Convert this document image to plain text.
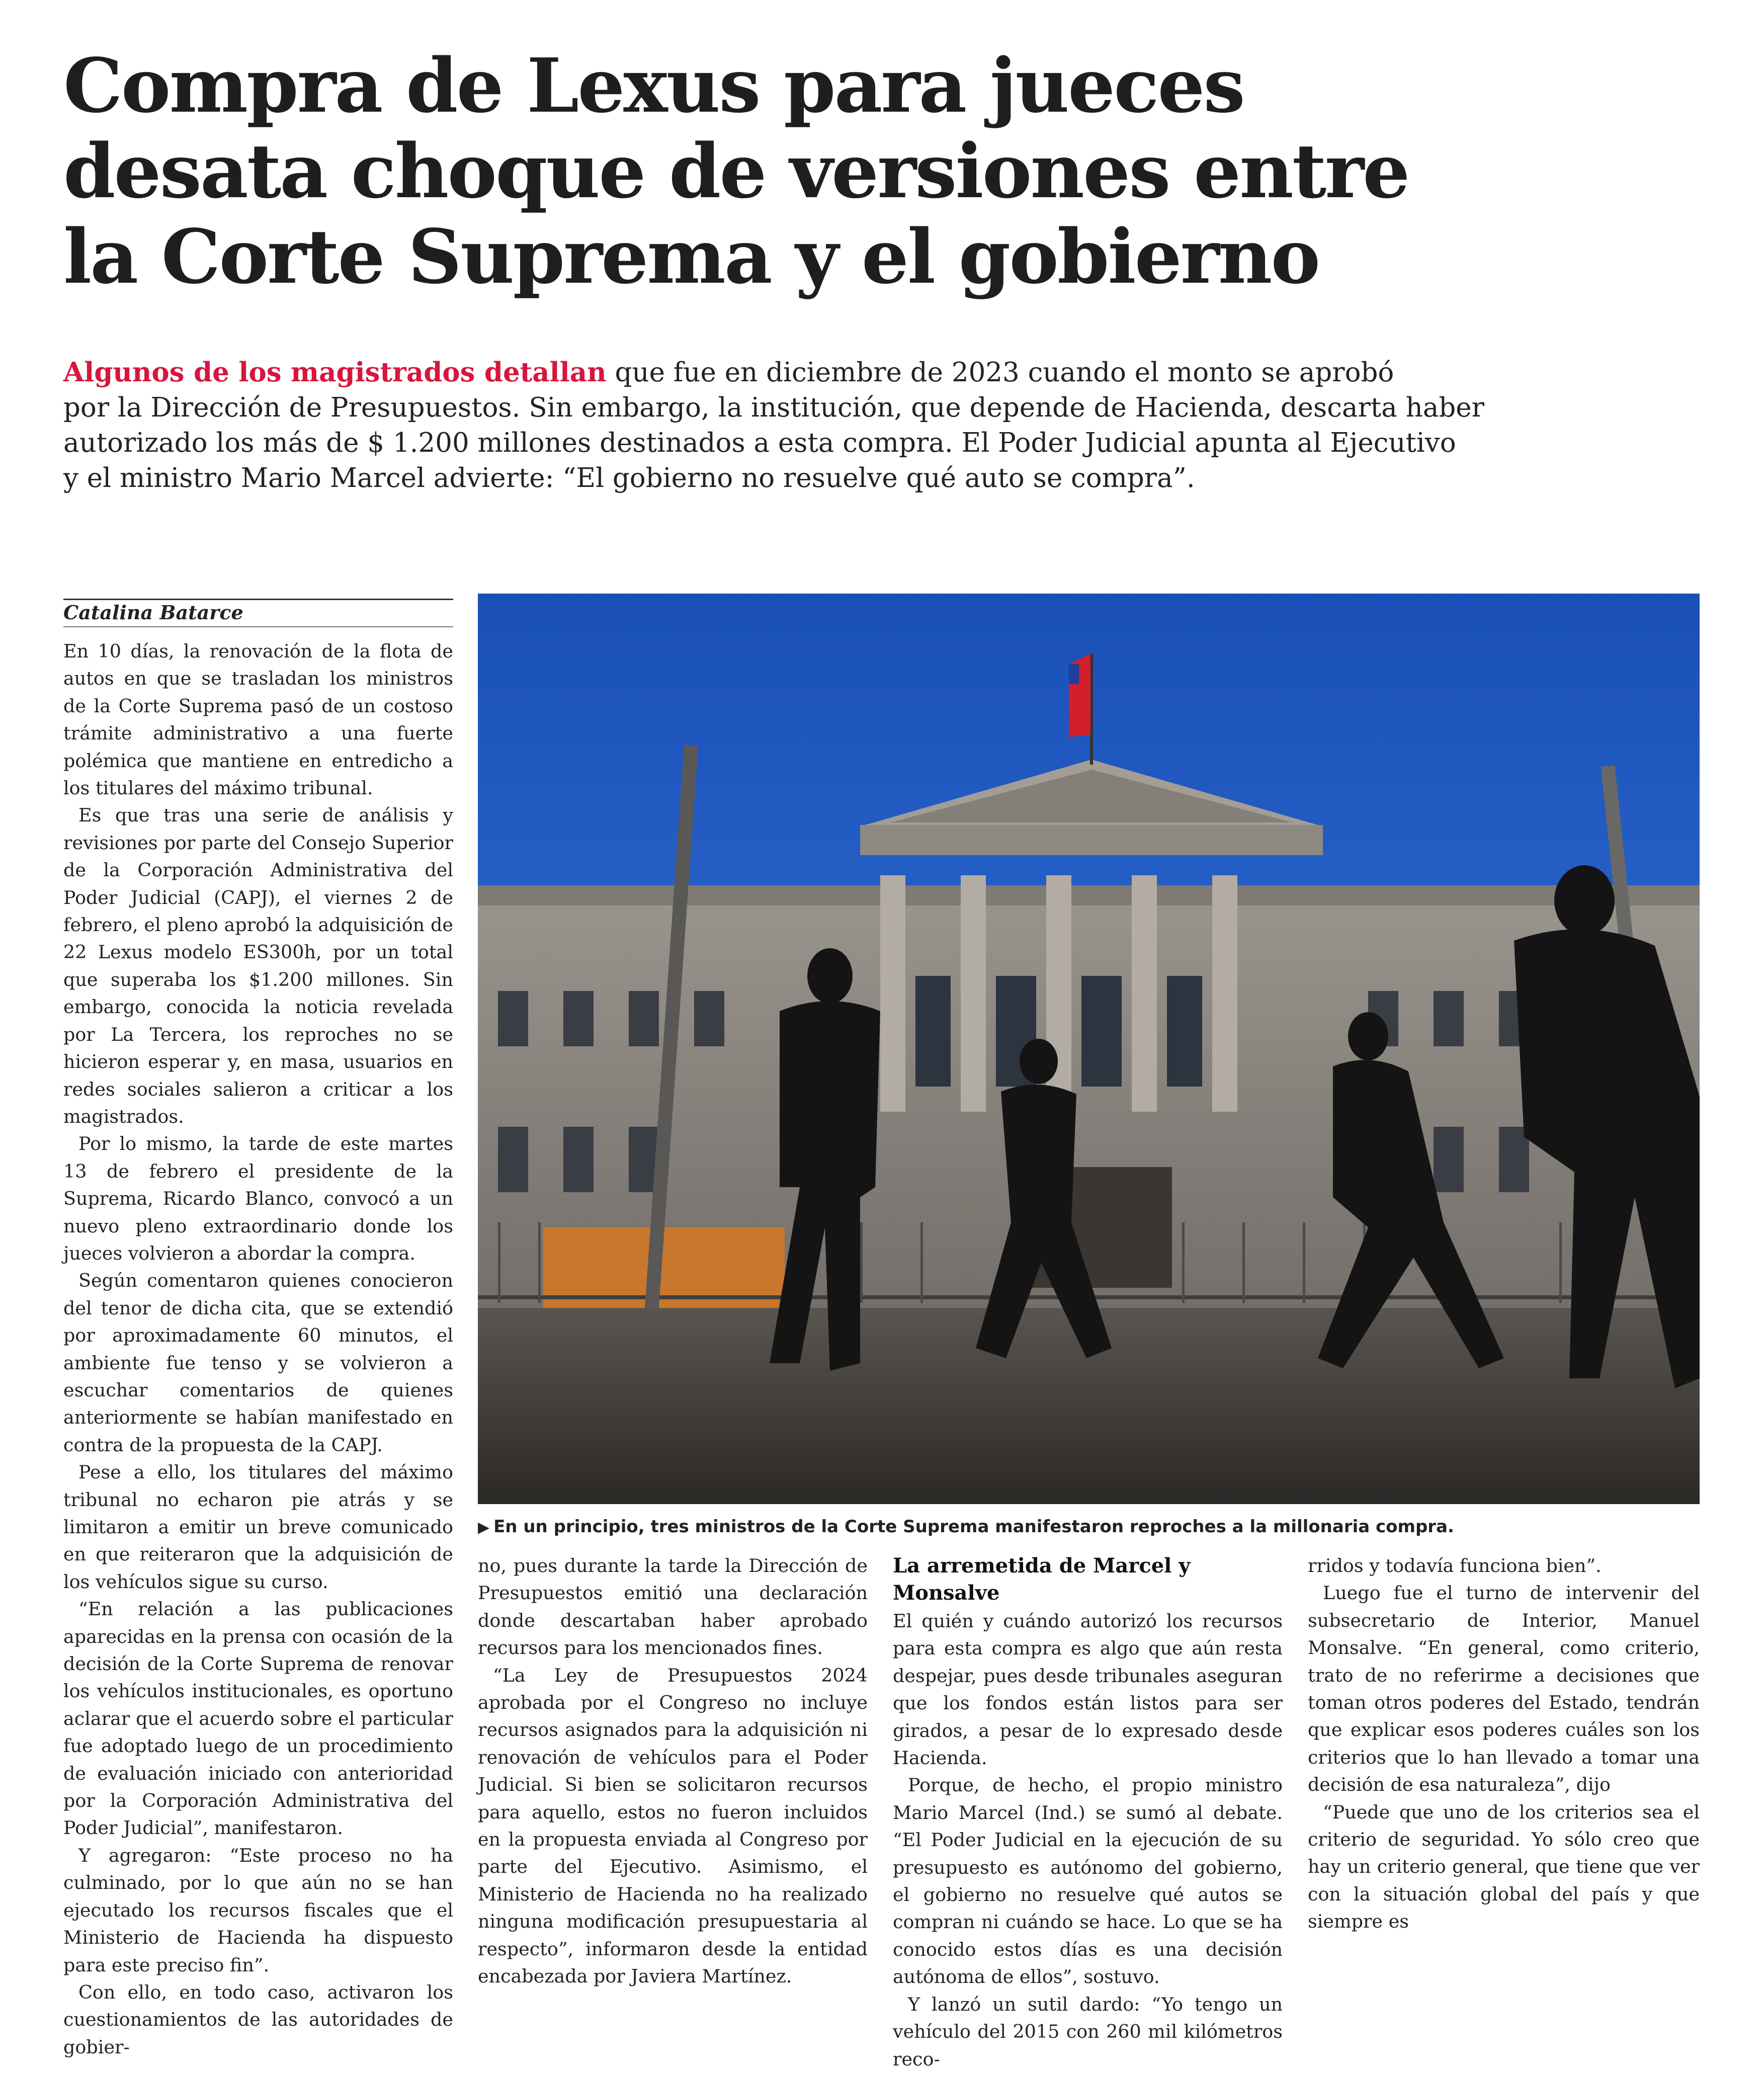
Compra de Lexus para jueces
desata choque de versiones entre
la Corte Suprema y el gobierno
Algunos de los magistrados detallan que fue en diciembre de 2023 cuando el monto se aprobó
por la Dirección de Presupuestos. Sin embargo, la institución, que depende de Hacienda, descarta haber
autorizado los más de $ 1.200 millones destinados a esta compra. El Poder Judicial apunta al Ejecutivo
y el ministro Mario Marcel advierte: “El gobierno no resuelve qué auto se compra”.
Catalina Batarce

En 10 días, la renovación de la flota de autos en que se trasladan los ministros de la Corte Suprema pasó de un costoso trámite administrativo a una fuerte polémica que mantiene en entredicho a los titulares del máximo tribunal.

Es que tras una serie de análisis y revisiones por parte del Consejo Superior de la Corporación Administrativa del Poder Judicial (CAPJ), el viernes 2 de febrero, el pleno aprobó la adquisición de 22 Lexus modelo ES300h, por un total que superaba los $1.200 millones. Sin embargo, conocida la noticia revelada por La Tercera, los reproches no se hicieron esperar y, en masa, usuarios en redes sociales salieron a criticar a los magistrados.

Por lo mismo, la tarde de este martes 13 de febrero el presidente de la Suprema, Ricardo Blanco, convocó a un nuevo pleno extraordinario donde los jueces volvieron a abordar la compra.

Según comentaron quienes conocieron del tenor de dicha cita, que se extendió por aproximadamente 60 minutos, el ambiente fue tenso y se volvieron a escuchar comentarios de quienes anteriormente se habían manifestado en contra de la propuesta de la CAPJ.

Pese a ello, los titulares del máximo tribunal no echaron pie atrás y se limitaron a emitir un breve comunicado en que reiteraron que la adquisición de los vehículos sigue su curso.

“En relación a las publicaciones aparecidas en la prensa con ocasión de la decisión de la Corte Suprema de renovar los vehículos institucionales, es oportuno aclarar que el acuerdo sobre el particular fue adoptado luego de un procedimiento de evaluación iniciado con anterioridad por la Corporación Administrativa del Poder Judicial”, manifestaron.

Y agregaron: “Este proceso no ha culminado, por lo que aún no se han ejecutado los recursos fiscales que el Ministerio de Hacienda ha dispuesto para este preciso fin”.

Con ello, en todo caso, activaron los cuestionamientos de las autoridades de gobier-

▶ En un principio, tres ministros de la Corte Suprema manifestaron reproches a la millonaria compra.

no, pues durante la tarde la Dirección de Presupuestos emitió una declaración donde descartaban haber aprobado recursos para los mencionados fines.

“La Ley de Presupuestos 2024 aprobada por el Congreso no incluye recursos asignados para la adquisición ni renovación de vehículos para el Poder Judicial. Si bien se solicitaron recursos para aquello, estos no fueron incluidos en la propuesta enviada al Congreso por parte del Ejecutivo. Asimismo, el Ministerio de Hacienda no ha realizado ninguna modificación presupuestaria al respecto”, informaron desde la entidad encabezada por Javiera Martínez.

La arremetida de Marcel y Monsalve

El quién y cuándo autorizó los recursos para esta compra es algo que aún resta despejar, pues desde tribunales aseguran que los fondos están listos para ser girados, a pesar de lo expresado desde Hacienda.

Porque, de hecho, el propio ministro Mario Marcel (Ind.) se sumó al debate. “El Poder Judicial en la ejecución de su presupuesto es autónomo del gobierno, el gobierno no resuelve qué autos se compran ni cuándo se hace. Lo que se ha conocido estos días es una decisión autónoma de ellos”, sostuvo.

Y lanzó un sutil dardo: “Yo tengo un vehículo del 2015 con 260 mil kilómetros reco-

rridos y todavía funciona bien”.

Luego fue el turno de intervenir del subsecretario de Interior, Manuel Monsalve. “En general, como criterio, trato de no referirme a decisiones que toman otros poderes del Estado, tendrán que explicar esos poderes cuáles son los criterios que lo han llevado a tomar una decisión de esa naturaleza”, dijo

“Puede que uno de los criterios sea el criterio de seguridad. Yo sólo creo que hay un criterio general, que tiene que ver con la situación global del país y que siempre es
